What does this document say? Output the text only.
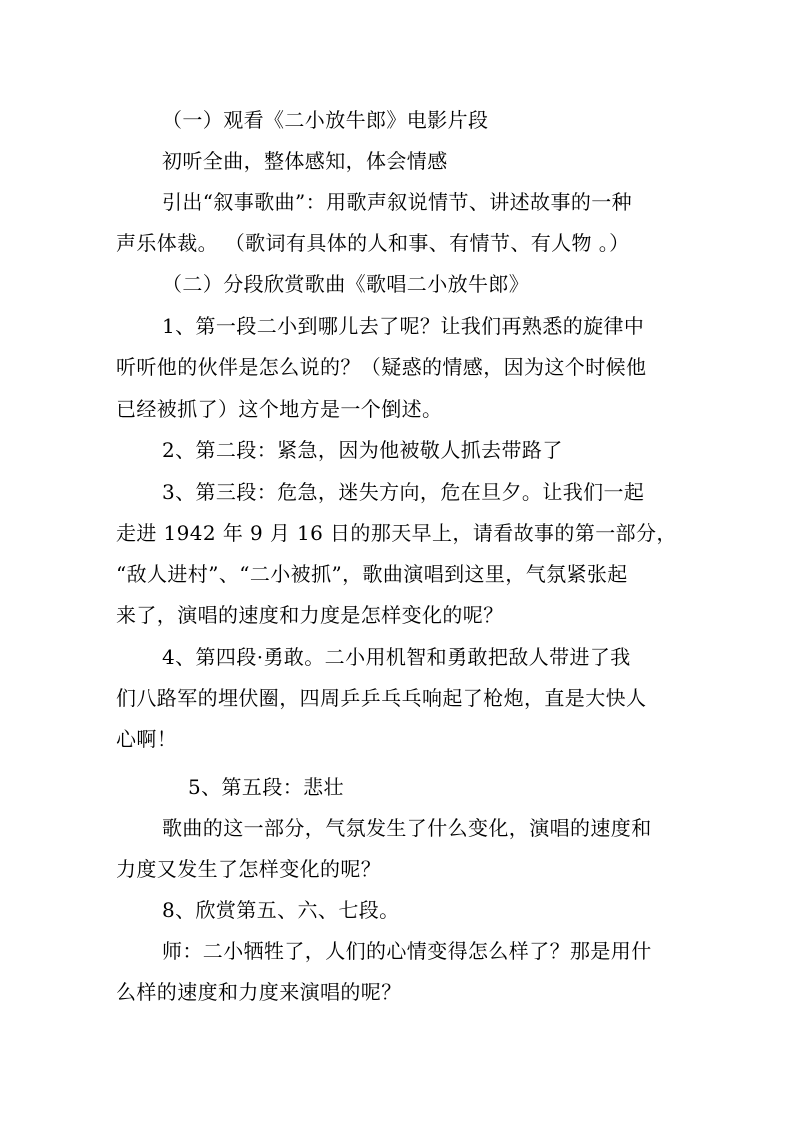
（一）观看《二小放牛郎》电影片段
初听全曲，整体感知，体会情感
引出“叙事歌曲”：用歌声叙说情节、讲述故事的一种
声乐体裁。 （歌词有具体的人和事、有情节、有人物 。）
（二）分段欣赏歌曲《歌唱二小放牛郎》
1、第一段二小到哪儿去了呢？让我们再熟悉的旋律中
听听他的伙伴是怎么说的？（疑惑的情感，因为这个时候他
已经被抓了）这个地方是一个倒述。
2、第二段：紧急，因为他被敬人抓去带路了
3、第三段：危急，迷失方向，危在旦夕。让我们一起
走进 1942 年 9 月 16 日的那天早上，请看故事的第一部分，
“敌人进村”、“二小被抓”，歌曲演唱到这里，气氛紧张起
来了，演唱的速度和力度是怎样变化的呢？
4、第四段·勇敢。二小用机智和勇敢把敌人带进了我
们八路军的埋伏圈，四周乒乒乓乓响起了枪炮，直是大快人
心啊！
5、第五段：悲壮
歌曲的这一部分，气氛发生了什么变化，演唱的速度和
力度又发生了怎样变化的呢？
8、欣赏第五、六、七段。
师：二小牺牲了，人们的心情变得怎么样了？那是用什
么样的速度和力度来演唱的呢？
